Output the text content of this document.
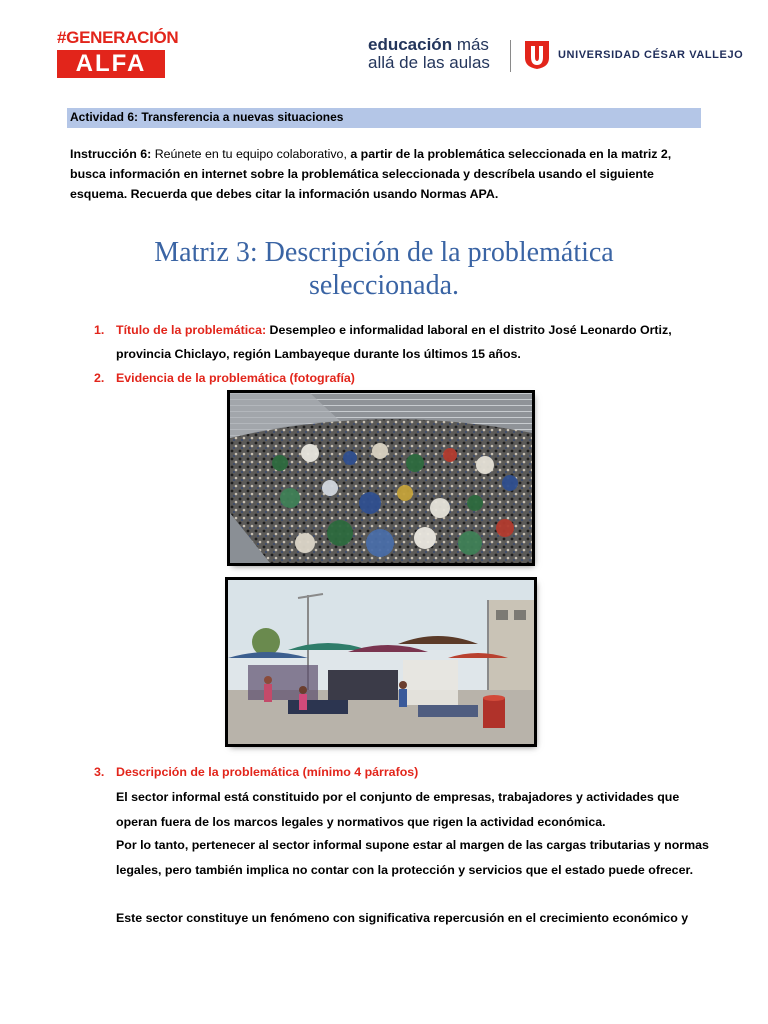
#GENERACIÓN
ALFA
educación más
allá de las aulas	UNIVERSIDAD CÉSAR VALLEJO
Actividad 6: Transferencia a nuevas situaciones
Instrucción 6: Reúnete en tu equipo colaborativo, a partir de la problemática seleccionada en la matriz 2, busca información en internet sobre la problemática seleccionada y descríbela usando el siguiente esquema. Recuerda que debes citar la información usando Normas APA.
Matriz 3: Descripción de la problemática seleccionada.
1. Título de la problemática: Desempleo e informalidad laboral en el distrito José Leonardo Ortiz, provincia Chiclayo, región Lambayeque durante los últimos 15 años.
2. Evidencia de la problemática (fotografía)
3. Descripción de la problemática (mínimo 4 párrafos)
El sector informal está constituido por el conjunto de empresas, trabajadores y actividades que operan fuera de los marcos legales y normativos que rigen la actividad económica.
Por lo tanto, pertenecer al sector informal supone estar al margen de las cargas tributarias y normas legales, pero también implica no contar con la protección y servicios que el estado puede ofrecer.
Este sector constituye un fenómeno con significativa repercusión en el crecimiento económico y
